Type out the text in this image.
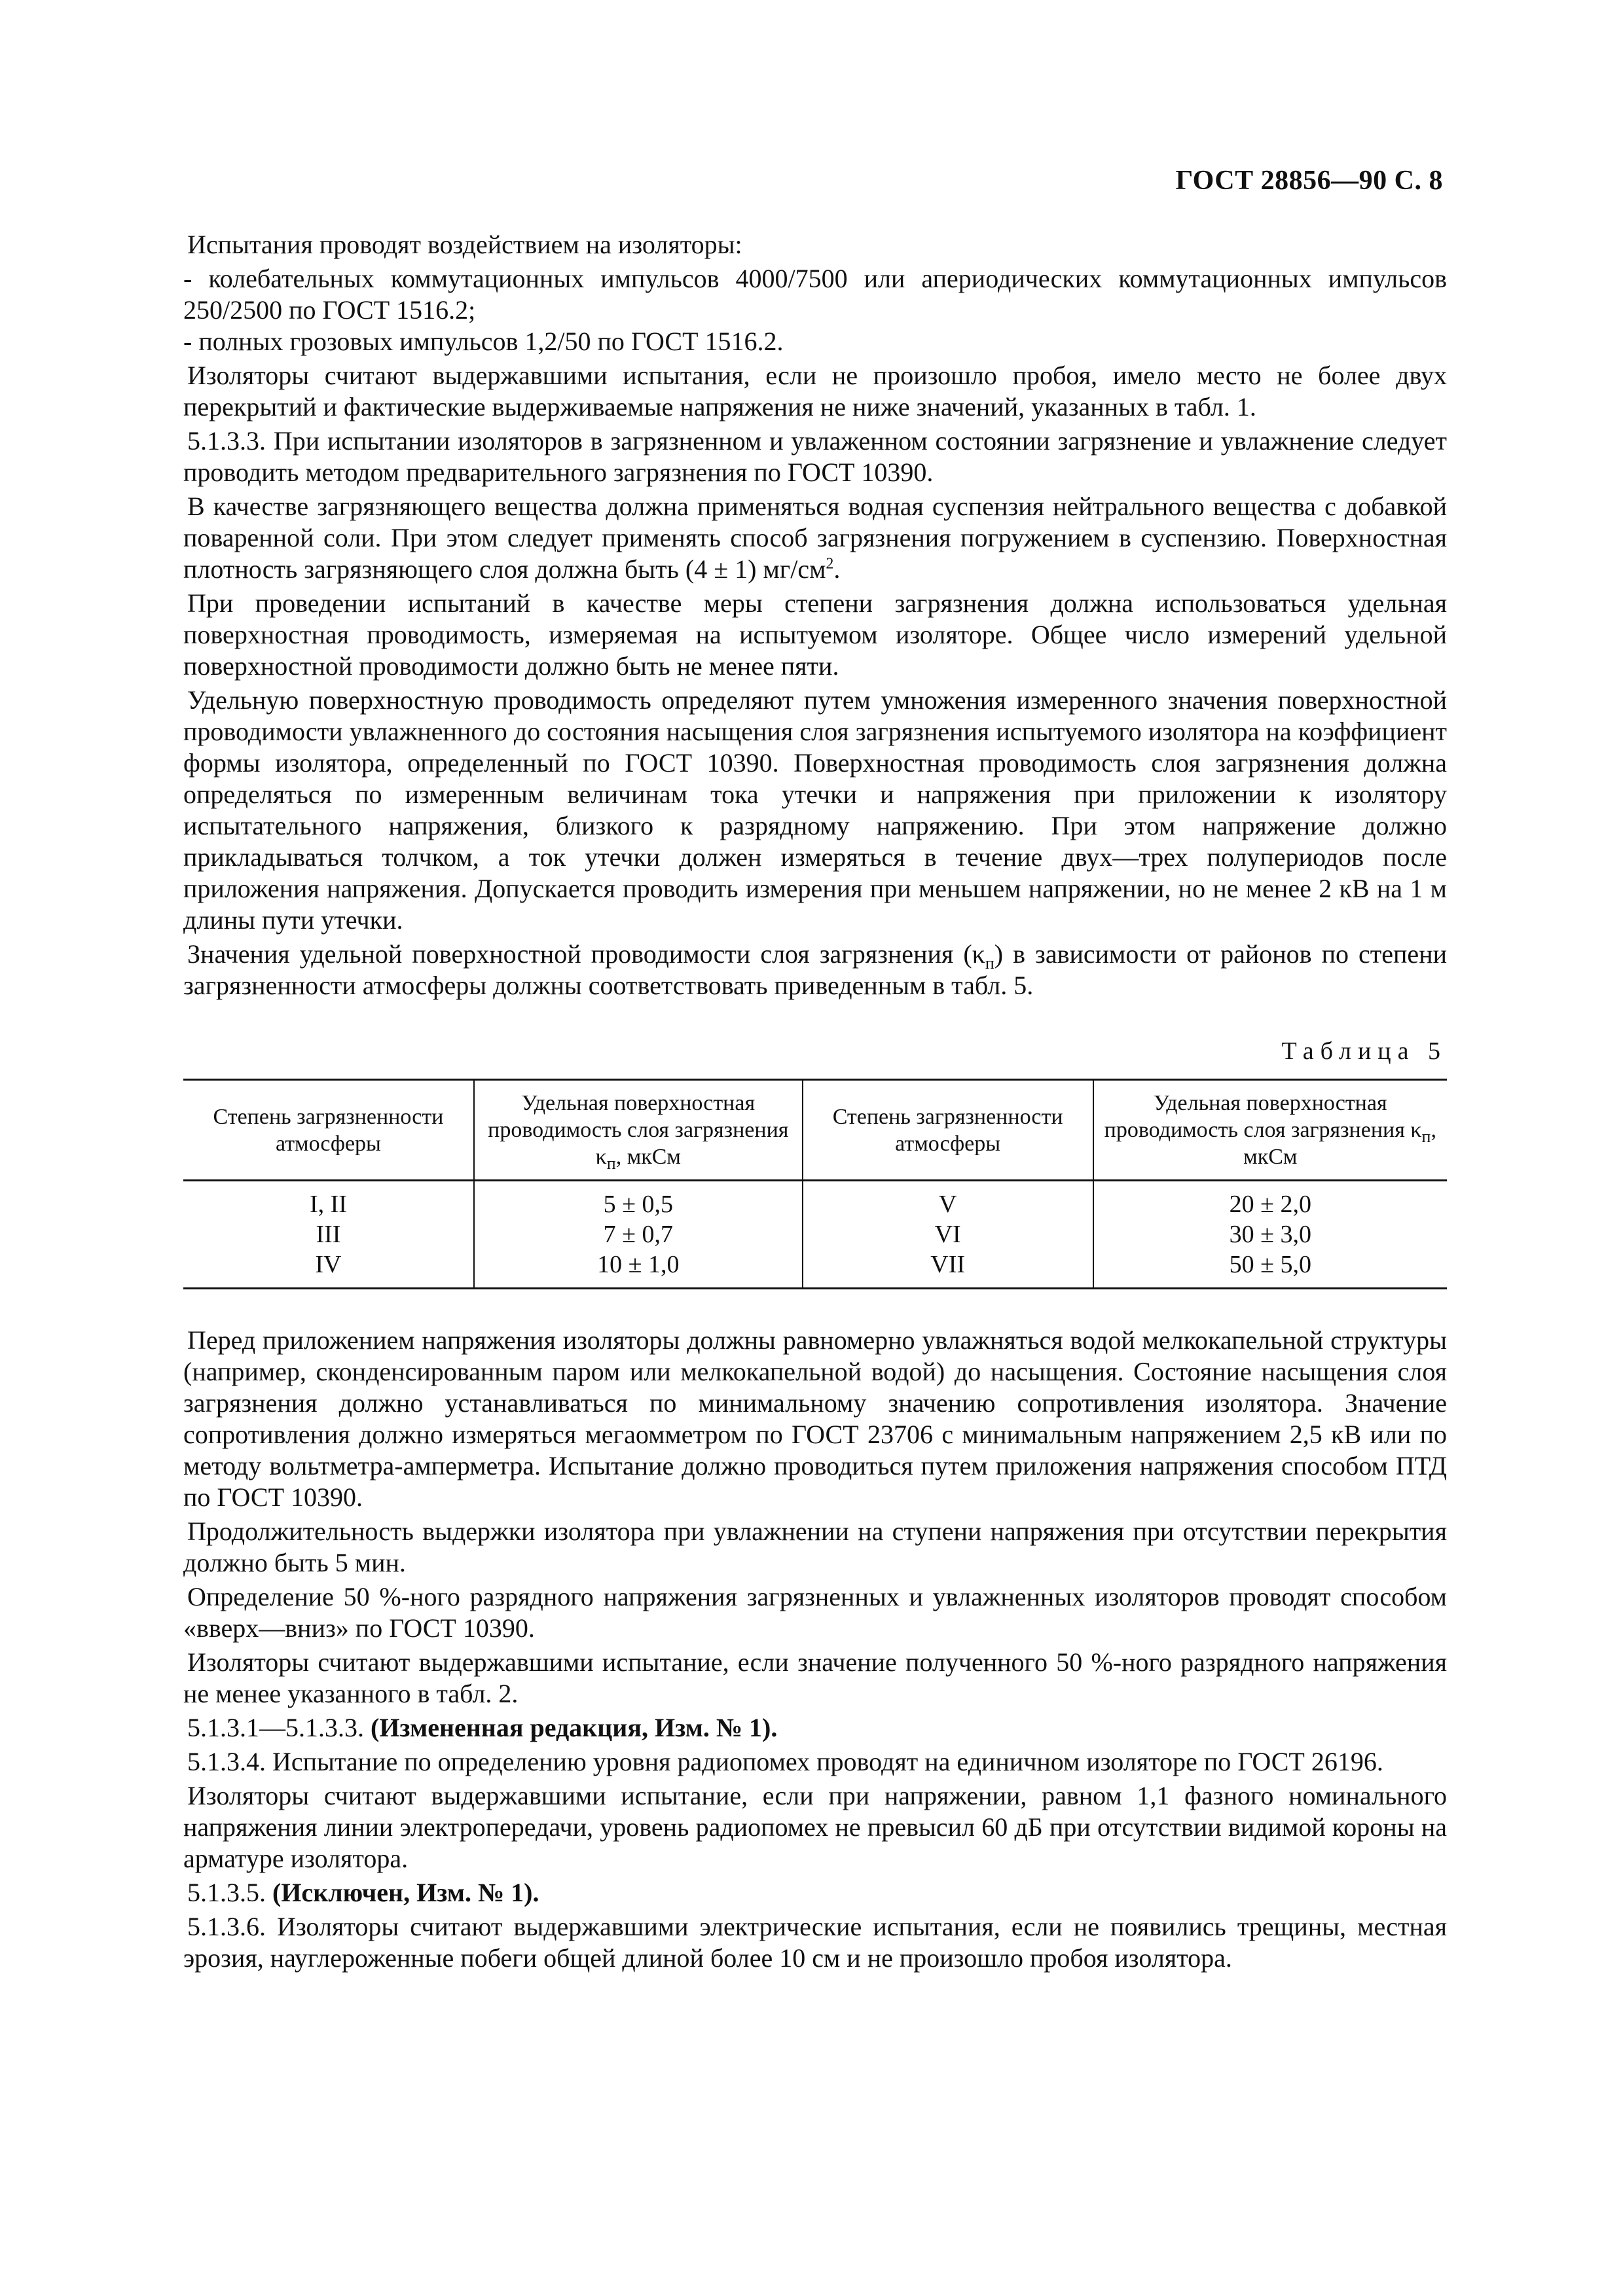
ГОСТ 28856—90 С. 8

Испытания проводят воздействием на изоляторы:

- колебательных коммутационных импульсов 4000/7500 или апериодических коммутационных импульсов 250/2500 по ГОСТ 1516.2;

- полных грозовых импульсов 1,2/50 по ГОСТ 1516.2.

Изоляторы считают выдержавшими испытания, если не произошло пробоя, имело место не более двух перекрытий и фактические выдерживаемые напряжения не ниже значений, указанных в табл. 1.

5.1.3.3. При испытании изоляторов в загрязненном и увлаженном состоянии загрязнение и увлажнение следует проводить методом предварительного загрязнения по ГОСТ 10390.

В качестве загрязняющего вещества должна применяться водная суспензия нейтрального вещества с добавкой поваренной соли. При этом следует применять способ загрязнения погружением в суспензию. Поверхностная плотность загрязняющего слоя должна быть (4 ± 1) $мг/см^2$.

При проведении испытаний в качестве меры степени загрязнения должна использоваться удельная поверхностная проводимость, измеряемая на испытуемом изоляторе. Общее число измерений удельной поверхностной проводимости должно быть не менее пяти.

Удельную поверхностную проводимость определяют путем умножения измеренного значения поверхностной проводимости увлажненного до состояния насыщения слоя загрязнения испытуемого изолятора на коэффициент формы изолятора, определенный по ГОСТ 10390. Поверхностная проводимость слоя загрязнения должна определяться по измеренным величинам тока утечки и напряжения при приложении к изолятору испытательного напряжения, близкого к разрядному напряжению. При этом напряжение должно прикладываться толчком, а ток утечки должен измеряться в течение двух—трех полупериодов после приложения напряжения. Допускается проводить измерения при меньшем напряжении, но не менее 2 кВ на 1 м длины пути утечки.

Значения удельной поверхностной проводимости слоя загрязнения $(\kappa_п)$ в зависимости от районов по степени загрязненности атмосферы должны соответствовать приведенным в табл. 5.

Таблица 5
Степень загрязненности атмосферы	Удельная поверхностная проводимость слоя загрязнения $\kappa_п$, мкСм	Степень загрязненности атмосферы	Удельная поверхностная проводимость слоя загрязнения $\kappa_п$, мкСм
I, II	5 ± 0,5	V	20 ± 2,0
III	7 ± 0,7	VI	30 ± 3,0
IV	10 ± 1,0	VII	50 ± 5,0

Перед приложением напряжения изоляторы должны равномерно увлажняться водой мелкокапельной структуры (например, сконденсированным паром или мелкокапельной водой) до насыщения. Состояние насыщения слоя загрязнения должно устанавливаться по минимальному значению сопротивления изолятора. Значение сопротивления должно измеряться мегаомметром по ГОСТ 23706 с минимальным напряжением 2,5 кВ или по методу вольтметра-амперметра. Испытание должно проводиться путем приложения напряжения способом ПТД по ГОСТ 10390.

Продолжительность выдержки изолятора при увлажнении на ступени напряжения при отсутствии перекрытия должно быть 5 мин.

Определение 50 %-ного разрядного напряжения загрязненных и увлажненных изоляторов проводят способом «вверх—вниз» по ГОСТ 10390.

Изоляторы считают выдержавшими испытание, если значение полученного 50 %-ного разрядного напряжения не менее указанного в табл. 2.

5.1.3.1—5.1.3.3. (Измененная редакция, Изм. № 1).

5.1.3.4. Испытание по определению уровня радиопомех проводят на единичном изоляторе по ГОСТ 26196.

Изоляторы считают выдержавшими испытание, если при напряжении, равном 1,1 фазного номинального напряжения линии электропередачи, уровень радиопомех не превысил 60 дБ при отсутствии видимой короны на арматуре изолятора.

5.1.3.5. (Исключен, Изм. № 1).

5.1.3.6. Изоляторы считают выдержавшими электрические испытания, если не появились трещины, местная эрозия, науглероженные побеги общей длиной более 10 см и не произошло пробоя изолятора.
